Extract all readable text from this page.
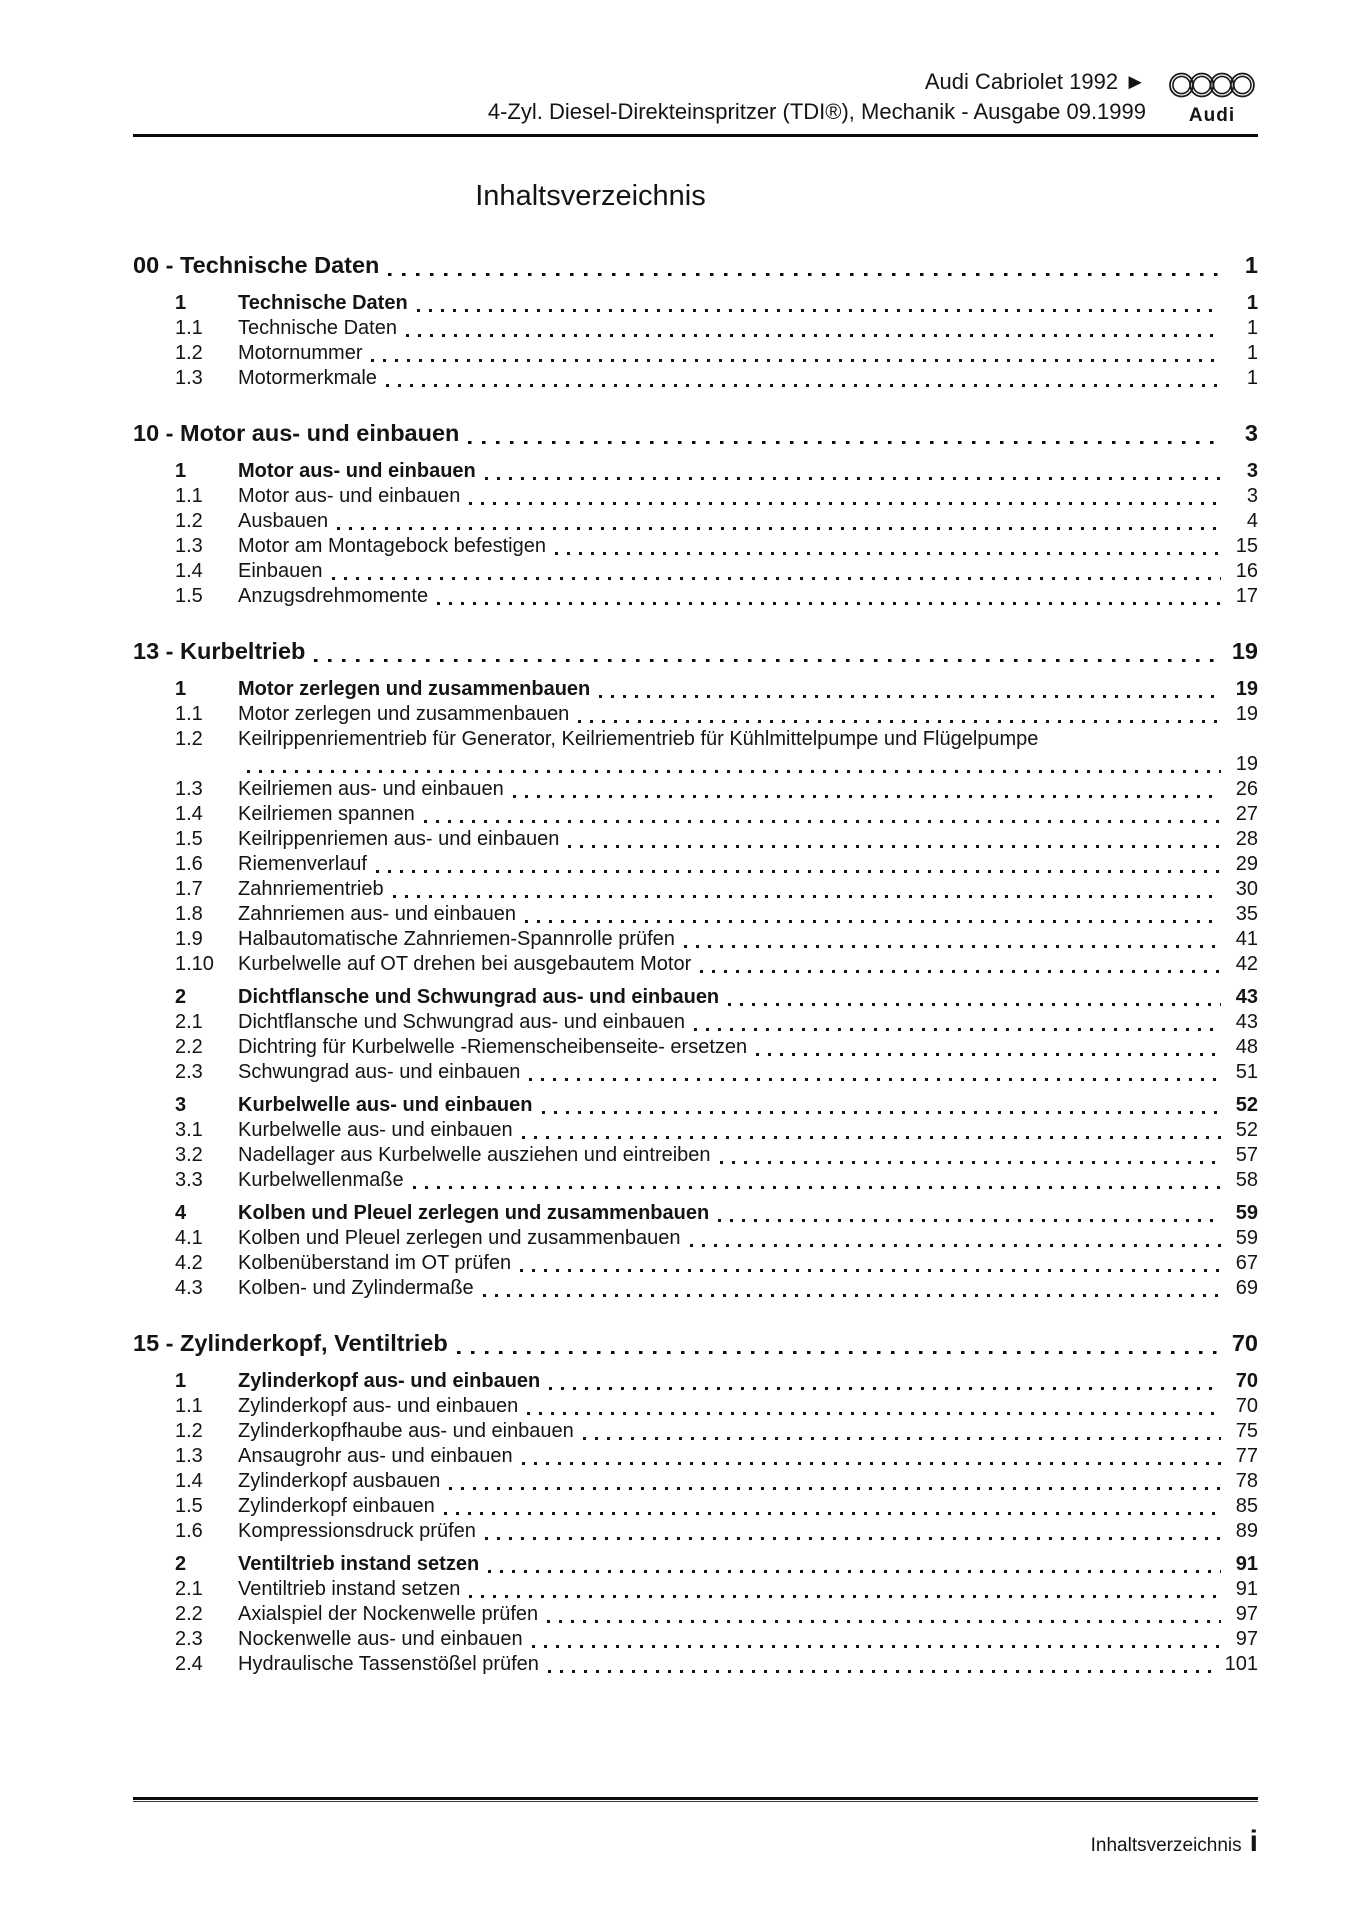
Audi Cabriolet 1992 ►
4-Zyl. Diesel-Direkteinspritzer (TDI®), Mechanik - Ausgabe 09.1999 Audi
Inhaltsverzeichnis
00 - Technische Daten	1
1	Technische Daten	1
1.1	Technische Daten	1
1.2	Motornummer	1
1.3	Motormerkmale	1
10 - Motor aus- und einbauen	3
1	Motor aus- und einbauen	3
1.1	Motor aus- und einbauen	3
1.2	Ausbauen	4
1.3	Motor am Montagebock befestigen	15
1.4	Einbauen	16
1.5	Anzugsdrehmomente	17
13 - Kurbeltrieb	19
1	Motor zerlegen und zusammenbauen	19
1.1	Motor zerlegen und zusammenbauen	19
1.2	Keilrippenriementrieb für Generator, Keilriementrieb für Kühlmittelpumpe und Flügelpumpe
19
1.3	Keilriemen aus- und einbauen	26
1.4	Keilriemen spannen	27
1.5	Keilrippenriemen aus- und einbauen	28
1.6	Riemenverlauf	29
1.7	Zahnriementrieb	30
1.8	Zahnriemen aus- und einbauen	35
1.9	Halbautomatische Zahnriemen-Spannrolle prüfen	41
1.10	Kurbelwelle auf OT drehen bei ausgebautem Motor	42
2	Dichtflansche und Schwungrad aus- und einbauen	43
2.1	Dichtflansche und Schwungrad aus- und einbauen	43
2.2	Dichtring für Kurbelwelle -Riemenscheibenseite- ersetzen	48
2.3	Schwungrad aus- und einbauen	51
3	Kurbelwelle aus- und einbauen	52
3.1	Kurbelwelle aus- und einbauen	52
3.2	Nadellager aus Kurbelwelle ausziehen und eintreiben	57
3.3	Kurbelwellenmaße	58
4	Kolben und Pleuel zerlegen und zusammenbauen	59
4.1	Kolben und Pleuel zerlegen und zusammenbauen	59
4.2	Kolbenüberstand im OT prüfen	67
4.3	Kolben- und Zylindermaße	69
15 - Zylinderkopf, Ventiltrieb	70
1	Zylinderkopf aus- und einbauen	70
1.1	Zylinderkopf aus- und einbauen	70
1.2	Zylinderkopfhaube aus- und einbauen	75
1.3	Ansaugrohr aus- und einbauen	77
1.4	Zylinderkopf ausbauen	78
1.5	Zylinderkopf einbauen	85
1.6	Kompressionsdruck prüfen	89
2	Ventiltrieb instand setzen	91
2.1	Ventiltrieb instand setzen	91
2.2	Axialspiel der Nockenwelle prüfen	97
2.3	Nockenwelle aus- und einbauen	97
2.4	Hydraulische Tassenstößel prüfen	101
Inhaltsverzeichnis i
